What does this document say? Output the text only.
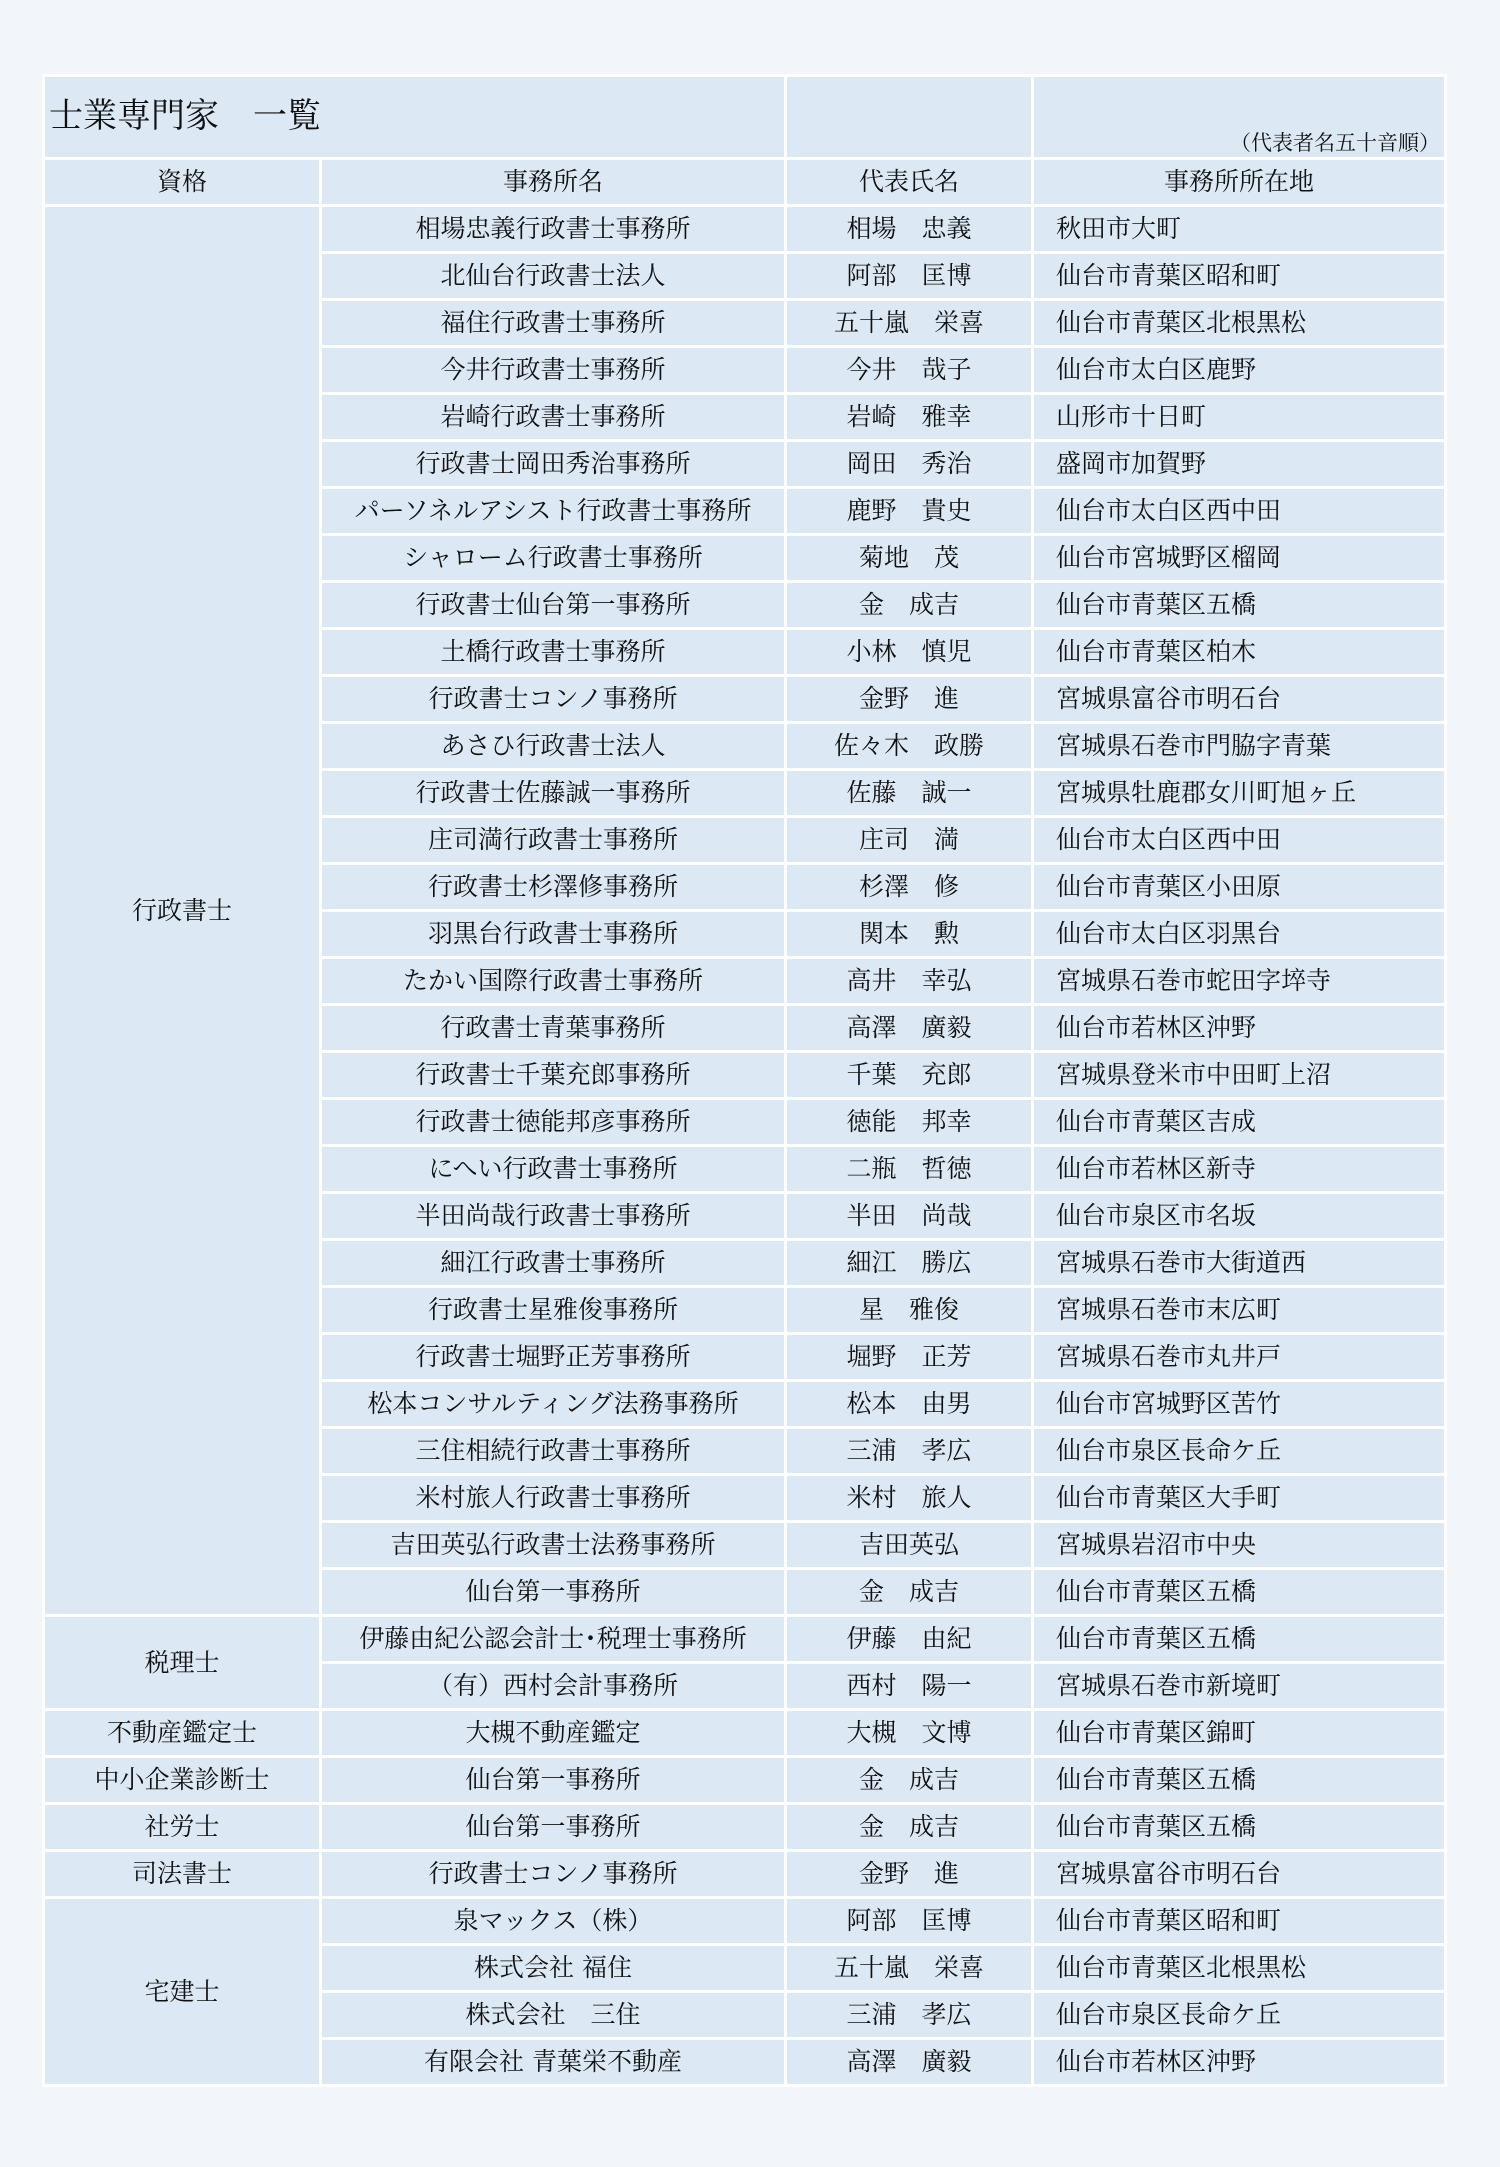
士業専門家　一覧			（代表者名五十音順）

資格	事務所名	代表氏名	事務所所在地
行政書士	相場忠義行政書士事務所	相場　忠義	秋田市大町
	北仙台行政書士法人	阿部　匡博	仙台市青葉区昭和町
	福住行政書士事務所	五十嵐　栄喜	仙台市青葉区北根黒松
	今井行政書士事務所	今井　哉子	仙台市太白区鹿野
	岩崎行政書士事務所	岩崎　雅幸	山形市十日町
	行政書士岡田秀治事務所	岡田　秀治	盛岡市加賀野
	パーソネルアシスト行政書士事務所	鹿野　貴史	仙台市太白区西中田
	シャローム行政書士事務所	菊地　茂	仙台市宮城野区榴岡
	行政書士仙台第一事務所	金　成吉	仙台市青葉区五橋
	土橋行政書士事務所	小林　慎児	仙台市青葉区柏木
	行政書士コンノ事務所	金野　進	宮城県富谷市明石台
	あさひ行政書士法人	佐々木　政勝	宮城県石巻市門脇字青葉
	行政書士佐藤誠一事務所	佐藤　誠一	宮城県牡鹿郡女川町旭ヶ丘
	庄司満行政書士事務所	庄司　満	仙台市太白区西中田
	行政書士杉澤修事務所	杉澤　修	仙台市青葉区小田原
	羽黒台行政書士事務所	関本　勲	仙台市太白区羽黒台
	たかい国際行政書士事務所	高井　幸弘	宮城県石巻市蛇田字埣寺
	行政書士青葉事務所	高澤　廣毅	仙台市若林区沖野
	行政書士千葉充郎事務所	千葉　充郎	宮城県登米市中田町上沼
	行政書士徳能邦彦事務所	徳能　邦幸	仙台市青葉区吉成
	にへい行政書士事務所	二瓶　哲徳	仙台市若林区新寺
	半田尚哉行政書士事務所	半田　尚哉	仙台市泉区市名坂
	細江行政書士事務所	細江　勝広	宮城県石巻市大街道西
	行政書士星雅俊事務所	星　雅俊	宮城県石巻市末広町
	行政書士堀野正芳事務所	堀野　正芳	宮城県石巻市丸井戸
	松本コンサルティング法務事務所	松本　由男	仙台市宮城野区苦竹
	三住相続行政書士事務所	三浦　孝広	仙台市泉区長命ケ丘
	米村旅人行政書士事務所	米村　旅人	仙台市青葉区大手町
	吉田英弘行政書士法務事務所	吉田英弘	宮城県岩沼市中央
	仙台第一事務所	金　成吉	仙台市青葉区五橋
税理士	伊藤由紀公認会計士･税理士事務所	伊藤　由紀	仙台市青葉区五橋
	（有）西村会計事務所	西村　陽一	宮城県石巻市新境町
不動産鑑定士	大槻不動産鑑定	大槻　文博	仙台市青葉区錦町
中小企業診断士	仙台第一事務所	金　成吉	仙台市青葉区五橋
社労士	仙台第一事務所	金　成吉	仙台市青葉区五橋
司法書士	行政書士コンノ事務所	金野　進	宮城県富谷市明石台
宅建士	泉マックス（株）	阿部　匡博	仙台市青葉区昭和町
	株式会社 福住	五十嵐　栄喜	仙台市青葉区北根黒松
	株式会社　三住	三浦　孝広	仙台市泉区長命ケ丘
	有限会社 青葉栄不動産	高澤　廣毅	仙台市若林区沖野
